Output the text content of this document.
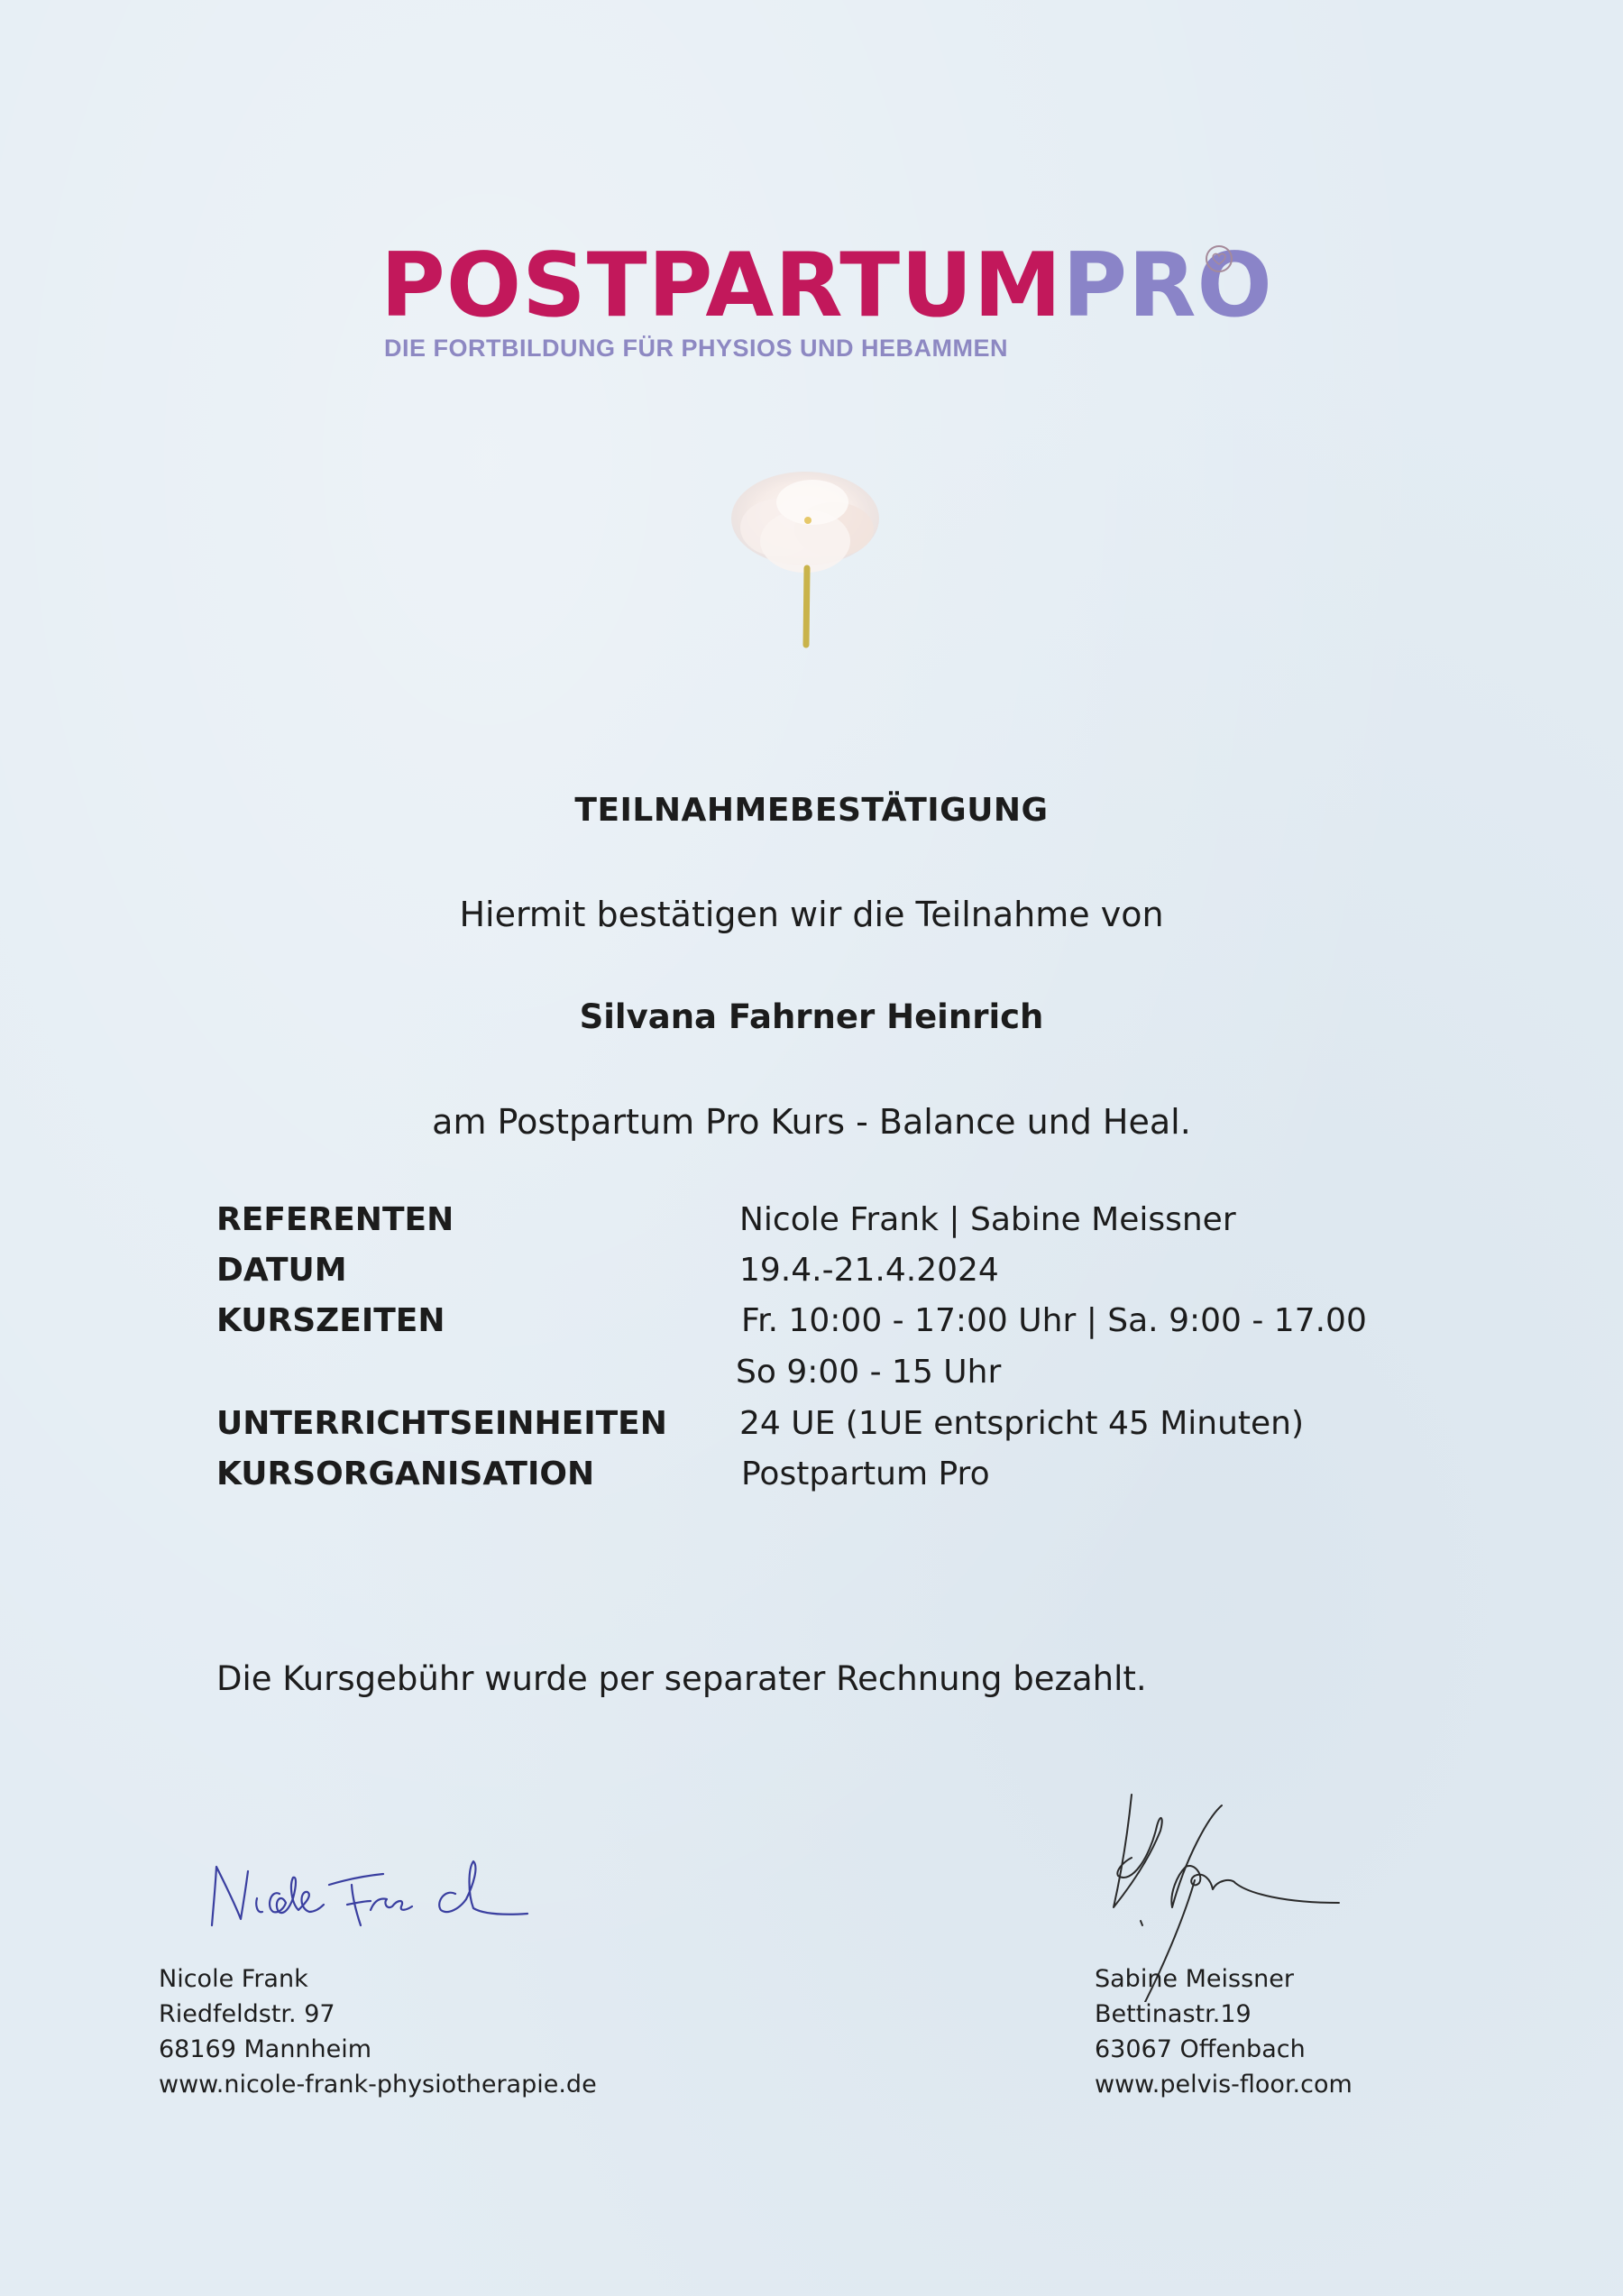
POSTPARTUMPRO
DIE FORTBILDUNG FÜR PHYSIOS UND HEBAMMEN
TEILNAHMEBESTÄTIGUNG
Hiermit bestätigen wir die Teilnahme von
Silvana Fahrner Heinrich
am Postpartum Pro Kurs - Balance und Heal.
REFERENTEN	Nicole Frank | Sabine Meissner
DATUM	19.4.-21.4.2024
KURSZEITEN	Fr. 10:00 - 17:00 Uhr | Sa. 9:00 - 17.00
So 9:00 - 15 Uhr
UNTERRICHTSEINHEITEN 24 UE (1UE entspricht 45 Minuten)
KURSORGANISATION	Postpartum Pro
Die Kursgebühr wurde per separater Rechnung bezahlt.
Nicole Frank
Riedfeldstr. 97
68169 Mannheim
www.nicole-frank-physiotherapie.de
Sabine Meissner
Bettinastr.19
63067 Offenbach
www.pelvis-floor.com
